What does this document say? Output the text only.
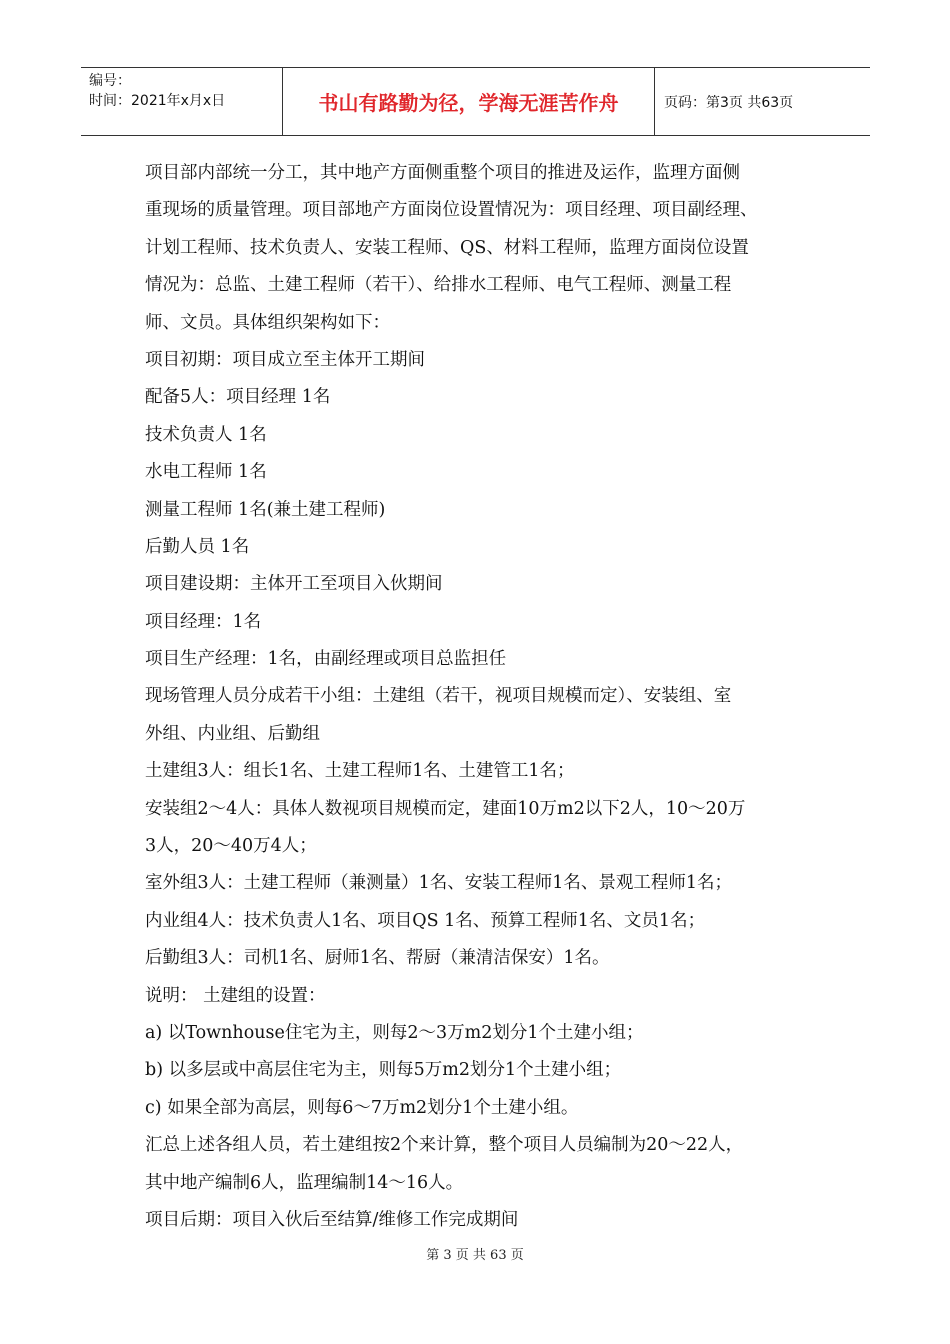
编号：
时间：2021年x月x日	书山有路勤为径，学海无涯苦作舟	页码：第3页 共63页
项目部内部统一分工，其中地产方面侧重整个项目的推进及运作，监理方面侧
重现场的质量管理。项目部地产方面岗位设置情况为：项目经理、项目副经理、
计划工程师、技术负责人、安装工程师、QS、材料工程师，监理方面岗位设置
情况为：总监、土建工程师（若干）、给排水工程师、电气工程师、测量工程
师、文员。具体组织架构如下：
项目初期：项目成立至主体开工期间
配备5人：项目经理 1名
技术负责人 1名
水电工程师 1名
测量工程师 1名(兼土建工程师)
后勤人员 1名
项目建设期：主体开工至项目入伙期间
项目经理：1名
项目生产经理：1名，由副经理或项目总监担任
现场管理人员分成若干小组：土建组（若干，视项目规模而定）、安装组、室
外组、内业组、后勤组
土建组3人：组长1名、土建工程师1名、土建管工1名；
安装组2～4人：具体人数视项目规模而定，建面10万m2以下2人，10～20万
3人，20～40万4人；
室外组3人：土建工程师（兼测量）1名、安装工程师1名、景观工程师1名；
内业组4人：技术负责人1名、项目QS 1名、预算工程师1名、文员1名；
后勤组3人：司机1名、厨师1名、帮厨（兼清洁保安）1名。
说明： 土建组的设置：
a) 以Townhouse住宅为主，则每2～3万m2划分1个土建小组；
b) 以多层或中高层住宅为主，则每5万m2划分1个土建小组；
c) 如果全部为高层，则每6～7万m2划分1个土建小组。
汇总上述各组人员，若土建组按2个来计算，整个项目人员编制为20～22人，
其中地产编制6人，监理编制14～16人。
项目后期：项目入伙后至结算/维修工作完成期间
第 3 页 共 63 页
